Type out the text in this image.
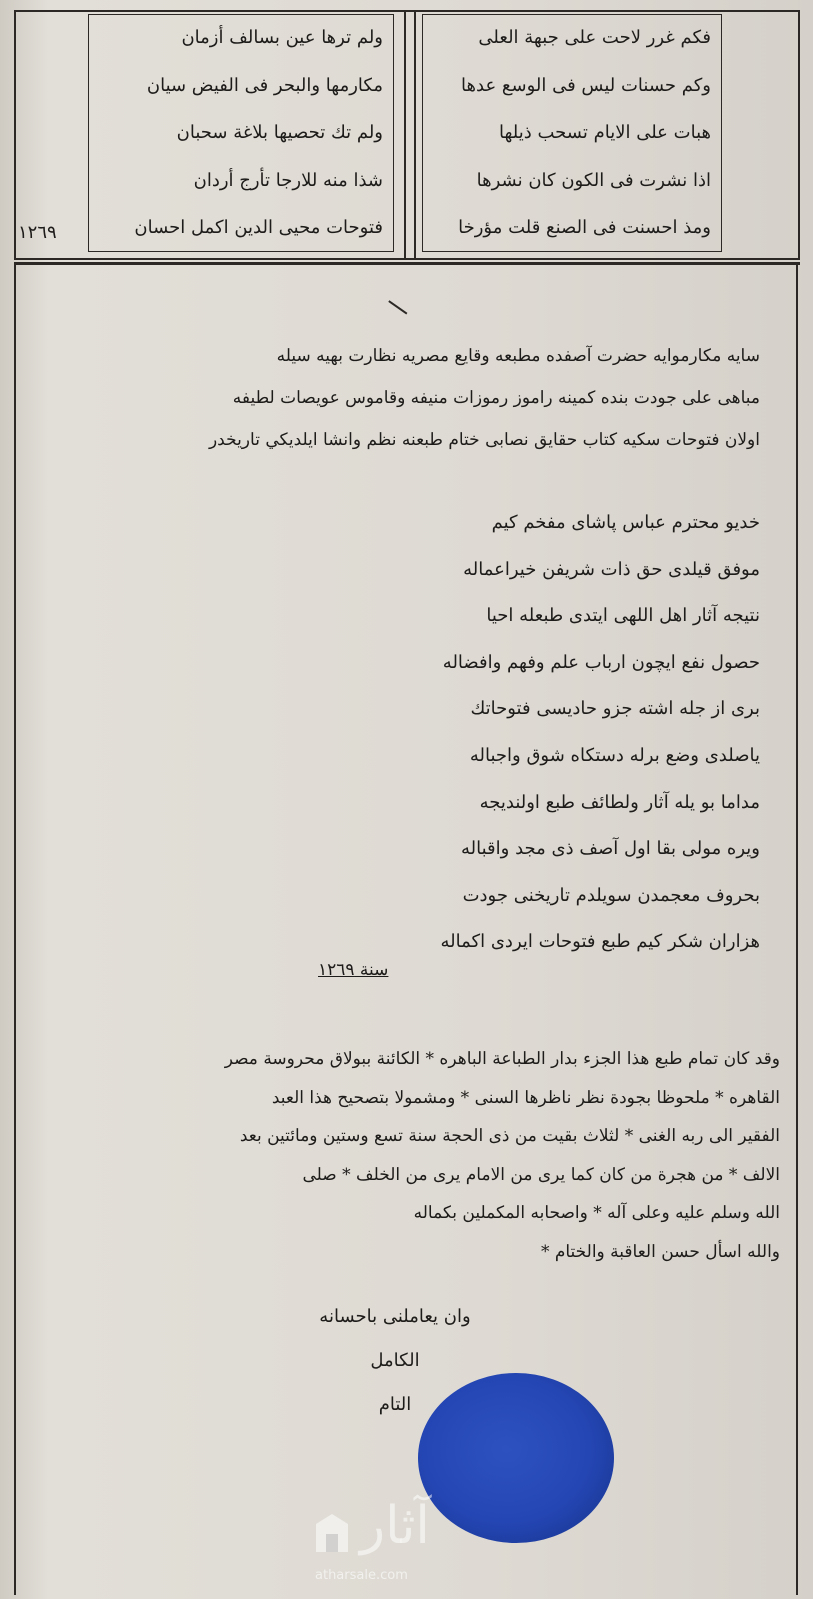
فكم غرر لاحت على جبهة العلى
وكم حسنات ليس فى الوسع عدها
هبات على الايام تسحب ذيلها
اذا نشرت فى الكون كان نشرها
ومذ احسنت فى الصنع قلت مؤرخا
ولم ترها عين بسالف أزمان
مكارمها والبحر فى الفيض سيان
ولم تك تحصيها بلاغة سحبان
شذا منه للارجا تأرج أردان
فتوحات محيى الدين اكمل احسان
١٢٦٩
سايه مكارموايه حضرت آصفده مطبعه وقايع مصريه نظارت بهيه سيله
مباهى على جودت بنده كمينه راموز رموزات منيفه وقاموس عويصات لطيفه
اولان فتوحات سكيه كتاب حقايق نصابى ختام طبعنه نظم وانشا ايلديكي تاريخدر
خديو محترم عباس پاشاى مفخم كيم
موفق قيلدى حق ذات شريفن خيراعماله
نتيجه آثار اهل اللهى ايتدى طبعله احيا
حصول نفع ايچون ارباب علم وفهم وافضاله
برى از جله اشته جزو حاديسى فتوحاتك
ياصلدى وضع برله دستكاه شوق واجباله
مداما بو يله آثار ولطائف طبع اولنديجه
ويره مولى بقا اول آصف ذى مجد واقباله
بحروف معجمدن سويلدم تاريخنى جودت
هزاران شكر كيم طبع فتوحات ايردى اكماله
سنة ١٢٦٩
وقد كان تمام طبع هذا الجزء بدار الطباعة الباهره * الكائنة ببولاق محروسة مصر
القاهره * ملحوظا بجودة نظر ناظرها السنى * ومشمولا بتصحيح هذا العبد
الفقير الى ربه الغنى * لثلاث بقيت من ذى الحجة سنة تسع وستين ومائتين بعد
الالف * من هجرة من كان كما يرى من الامام يرى من الخلف * صلى
الله وسلم عليه وعلى آله * واصحابه المكملين بكماله
والله اسأل حسن العاقبة والختام *
وان يعاملنى باحسانه
الكامل
التام
آثار
atharsale.com
